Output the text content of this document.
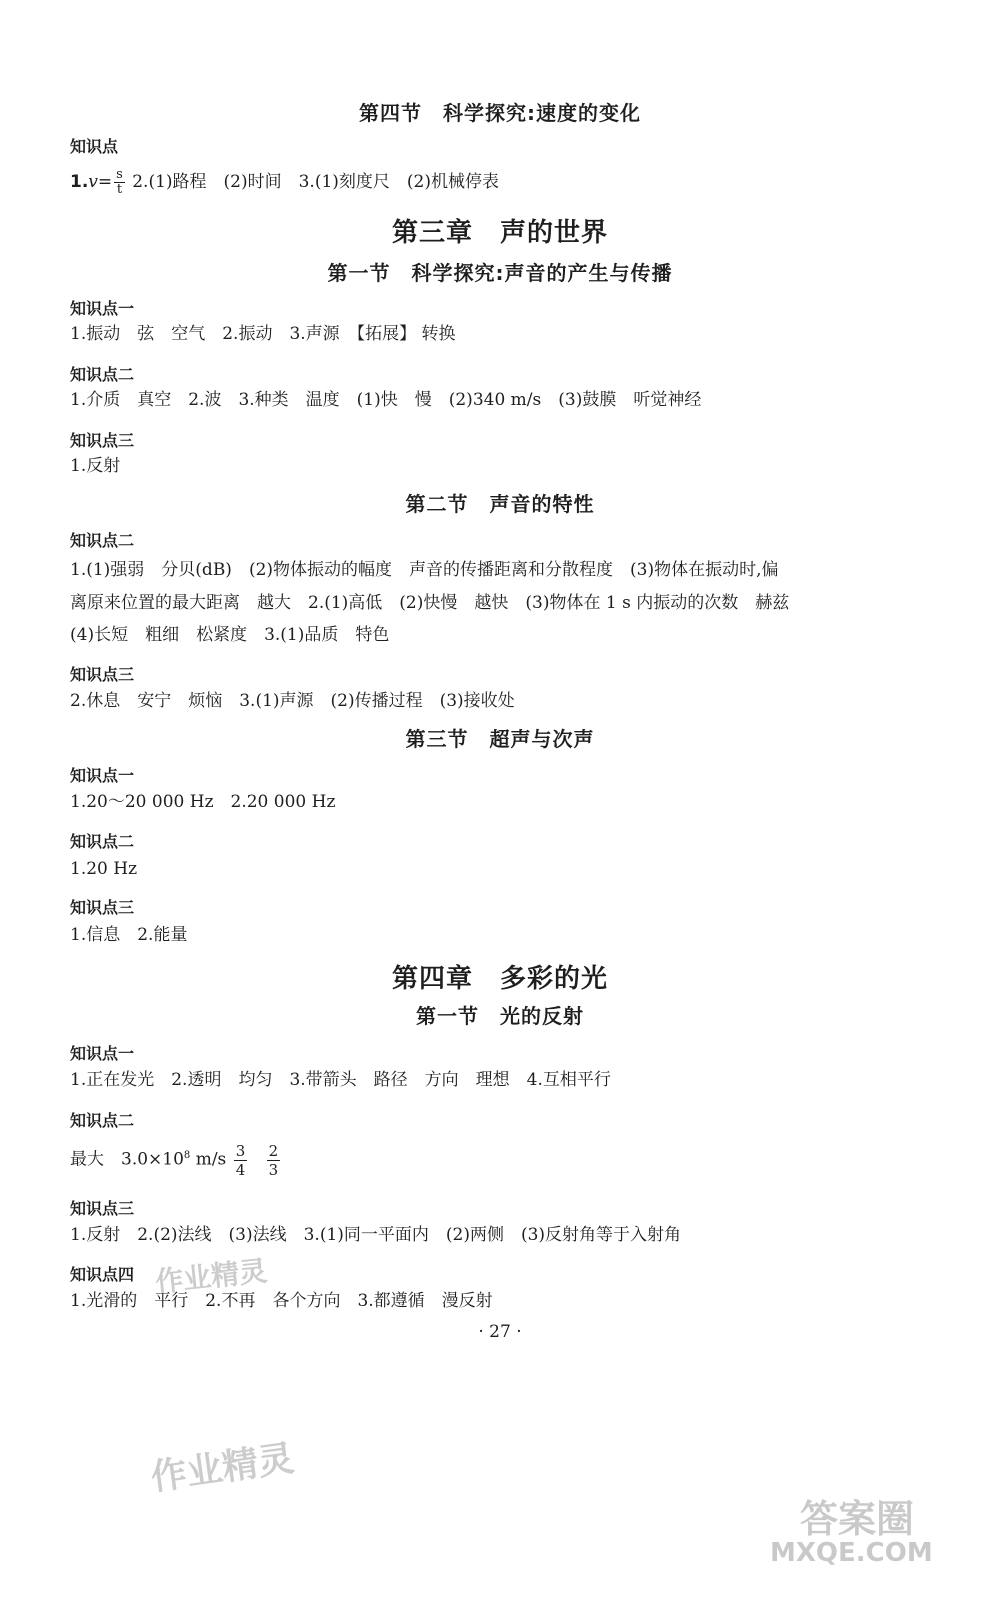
第四节　科学探究:速度的变化
知识点
$1.v= \frac{s}{t} 2.(1)$路程　(2)时间　3.(1)刻度尺　(2)机械停表
第三章　声的世界
第一节　科学探究:声音的产生与传播
知识点一
1.振动　弦　空气　2.振动　3.声源　【拓展】 转换
知识点二
1.介质　真空　2.波　3.种类　温度　(1)快　慢　(2)340 m/s　(3)鼓膜　听觉神经
知识点三
1.反射
第二节　声音的特性
知识点二
1.(1)强弱　分贝(dB)　(2)物体振动的幅度　声音的传播距离和分散程度　(3)物体在振动时,偏
离原来位置的最大距离　越大　2.(1)高低　(2)快慢　越快　(3)物体在 1 s 内振动的次数　赫兹
(4)长短　粗细　松紧度　3.(1)品质　特色
知识点三
2.休息　安宁　烦恼　3.(1)声源　(2)传播过程　(3)接收处
第三节　超声与次声
知识点一
1.20～20 000 Hz　2.20 000 Hz
知识点二
1.20 Hz
知识点三
1.信息　2.能量
第四章　多彩的光
第一节　光的反射
知识点一
1.正在发光　2.透明　均匀　3.带箭头　路径　方向　理想　4.互相平行
知识点二
最大　$3.0\times 10^8$ $m/s \frac{3}{4}$
$\frac{2}{3}$
知识点三
1.反射　2.(2)法线　(3)法线　3.(1)同一平面内　(2)两侧　(3)反射角等于入射角
知识点四
1.光滑的　平行　2.不再　各个方向　3.都遵循　漫反射
· 27 ·
作业精灵
作业精灵
答案圈
MXQE.COM
